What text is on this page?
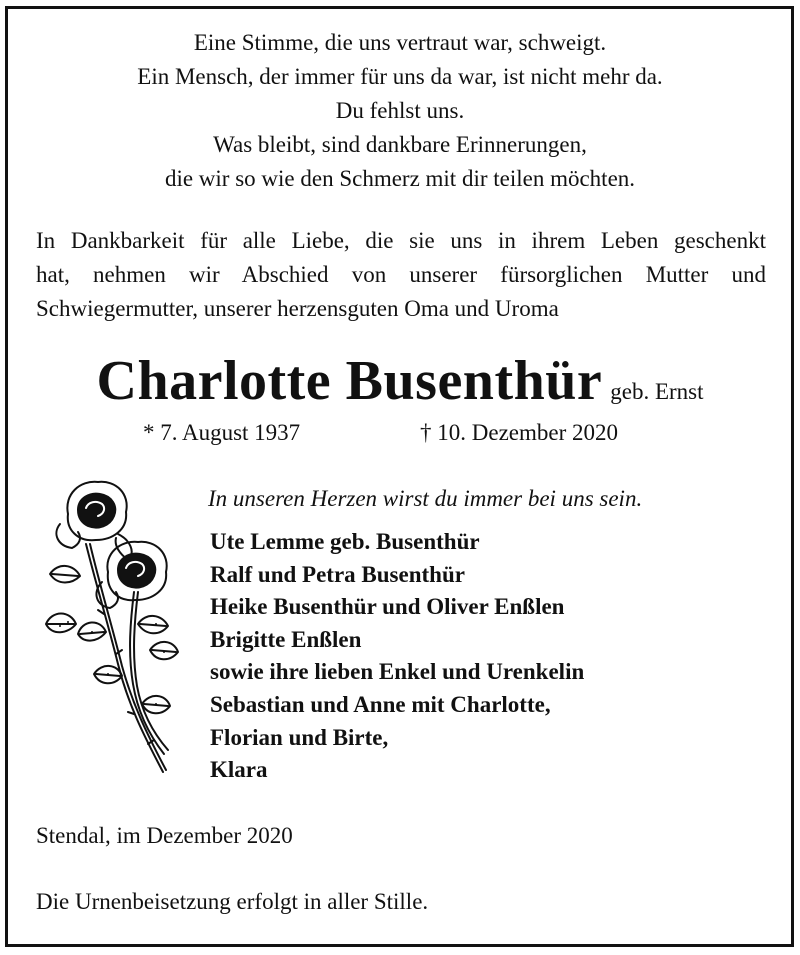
Eine Stimme, die uns vertraut war, schweigt.
Ein Mensch, der immer für uns da war, ist nicht mehr da.
Du fehlst uns.
Was bleibt, sind dankbare Erinnerungen,
die wir so wie den Schmerz mit dir teilen möchten.
In Dankbarkeit für alle Liebe, die sie uns in ihrem Leben geschenkt
hat, nehmen wir Abschied von unserer fürsorglichen Mutter und
Schwiegermutter, unserer herzensguten Oma und Uroma
Charlotte Busenthür geb. Ernst
* 7. August 1937	† 10. Dezember 2020
In unseren Herzen wirst du immer bei uns sein.
Ute Lemme geb. Busenthür
Ralf und Petra Busenthür
Heike Busenthür und Oliver Enßlen
Brigitte Enßlen
sowie ihre lieben Enkel und Urenkelin
Sebastian und Anne mit Charlotte,
Florian und Birte,
Klara
Stendal, im Dezember 2020
Die Urnenbeisetzung erfolgt in aller Stille.
